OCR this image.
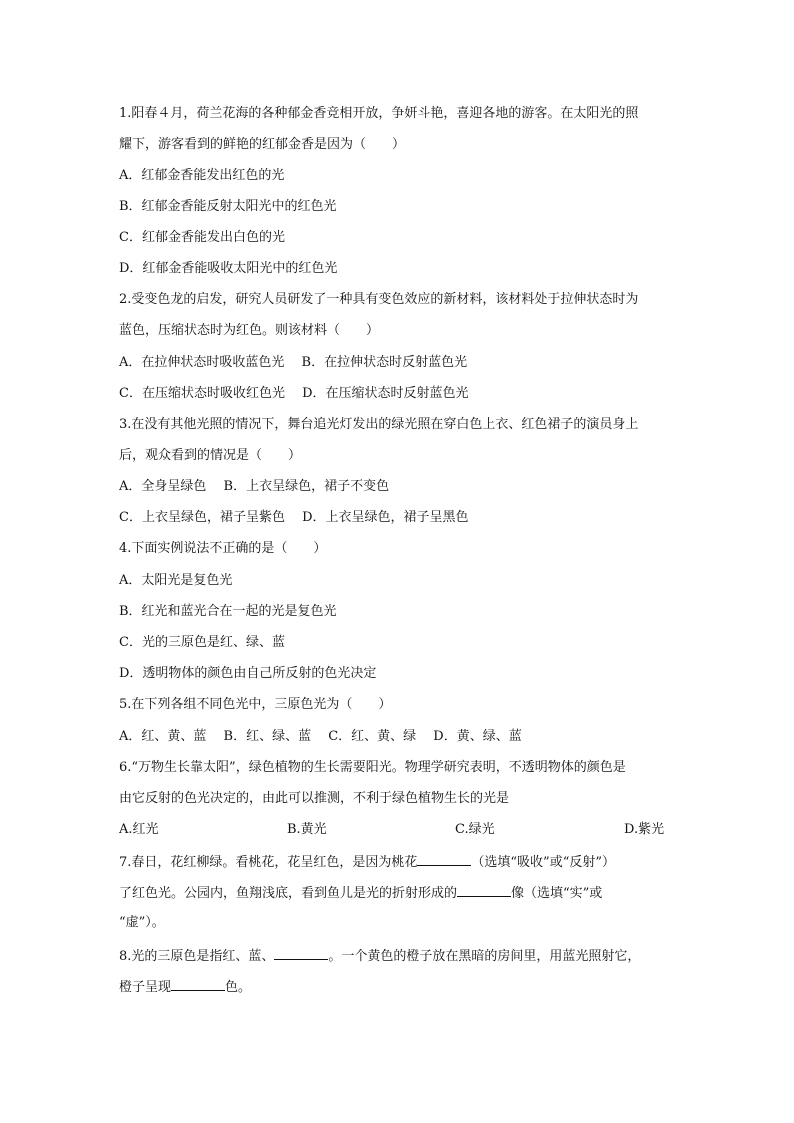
1.阳春４月，荷兰花海的各种郁金香竞相开放，争妍斗艳，喜迎各地的游客。在太阳光的照
耀下，游客看到的鲜艳的红郁金香是因为（　　）
A．红郁金香能发出红色的光
B．红郁金香能反射太阳光中的红色光
C．红郁金香能发出白色的光
D．红郁金香能吸收太阳光中的红色光
2.受变色龙的启发，研究人员研发了一种具有变色效应的新材料，该材料处于拉伸状态时为
蓝色，压缩状态时为红色。则该材料（　　）
A．在拉伸状态时吸收蓝色光　 B．在拉伸状态时反射蓝色光
C．在压缩状态时吸收红色光　 D．在压缩状态时反射蓝色光
3.在没有其他光照的情况下，舞台追光灯发出的绿光照在穿白色上衣、红色裙子的演员身上
后，观众看到的情况是（　　）
A．全身呈绿色　 B．上衣呈绿色，裙子不变色
C．上衣呈绿色，裙子呈紫色　 D．上衣呈绿色，裙子呈黑色
4.下面实例说法不正确的是（　　）
A．太阳光是复色光
B．红光和蓝光合在一起的光是复色光
C．光的三原色是红、绿、蓝
D．透明物体的颜色由自己所反射的色光决定
5.在下列各组不同色光中，三原色光为（　　）
A．红、黄、蓝　 B．红、绿、蓝　 C．红、黄、绿　 D．黄、绿、蓝
6.“万物生长靠太阳”，绿色植物的生长需要阳光。物理学研究表明，不透明物体的颜色是
由它反射的色光决定的，由此可以推测，不利于绿色植物生长的光是
A.红光	B.黄光	C.绿光	D.紫光
7.春日，花红柳绿。看桃花，花呈红色，是因为桃花	（选填“吸收”或“反射”）
了红色光。公园内，鱼翔浅底，看到鱼儿是光的折射形成的	像（选填“实”或
“虚”）。
8.光的三原色是指红、蓝、	。一个黄色的橙子放在黑暗的房间里，用蓝光照射它，
橙子呈现	色。
